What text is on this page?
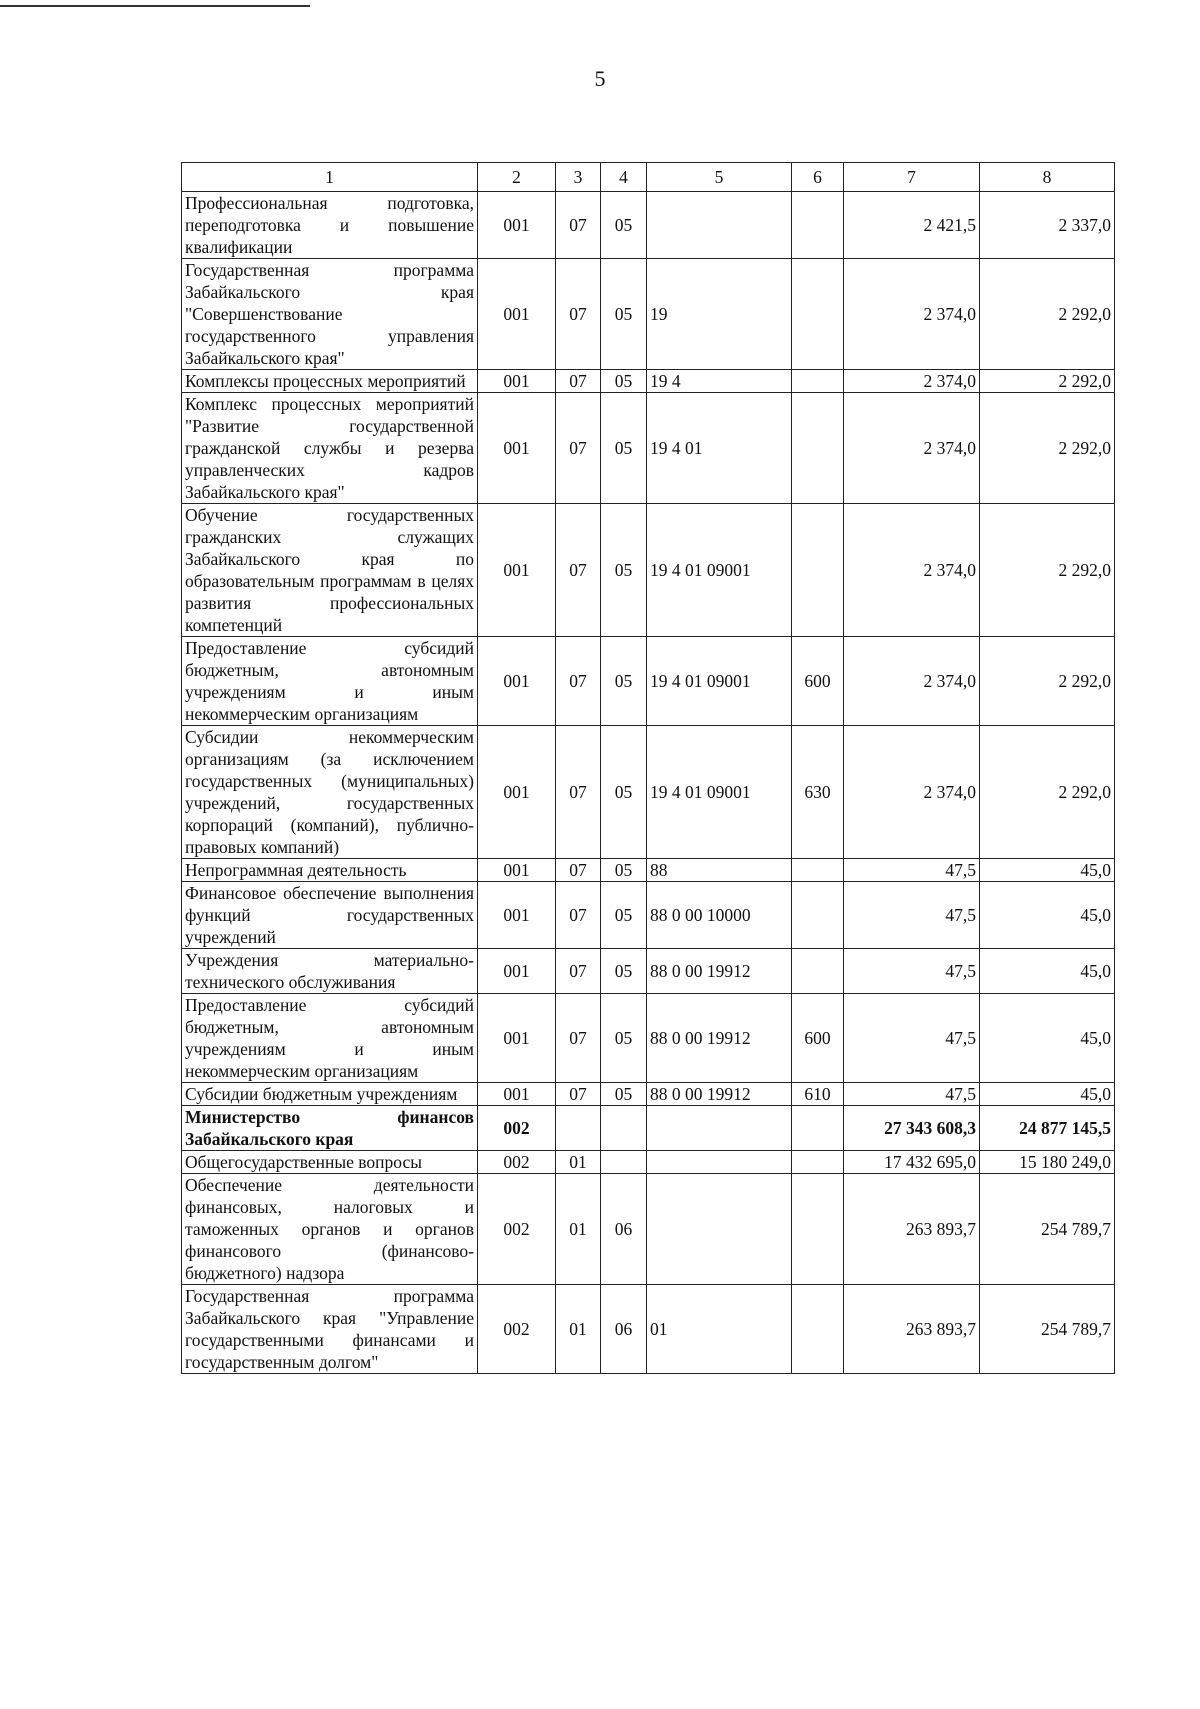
5
1	2	3	4	5	6	7	8
Профессиональная подготовка, переподготовка и повышение квалификации	001	07	05			2 421,5	2 337,0
Государственная программа Забайкальского края "Совершенствование государственного управления Забайкальского края"	001	07	05	19		2 374,0	2 292,0
Комплексы процессных мероприятий	001	07	05	19 4		2 374,0	2 292,0
Комплекс процессных мероприятий "Развитие государственной гражданской службы и резерва управленческих кадров Забайкальского края"	001	07	05	19 4 01		2 374,0	2 292,0
Обучение государственных гражданских служащих Забайкальского края по образовательным программам в целях развития профессиональных компетенций	001	07	05	19 4 01 09001		2 374,0	2 292,0
Предоставление субсидий бюджетным, автономным учреждениям и иным некоммерческим организациям	001	07	05	19 4 01 09001	600	2 374,0	2 292,0
Субсидии некоммерческим организациям (за исключением государственных (муниципальных) учреждений, государственных корпораций (компаний), публично-правовых компаний)	001	07	05	19 4 01 09001	630	2 374,0	2 292,0
Непрограммная деятельность	001	07	05	88		47,5	45,0
Финансовое обеспечение выполнения функций государственных учреждений	001	07	05	88 0 00 10000		47,5	45,0
Учреждения материально-технического обслуживания	001	07	05	88 0 00 19912		47,5	45,0
Предоставление субсидий бюджетным, автономным учреждениям и иным некоммерческим организациям	001	07	05	88 0 00 19912	600	47,5	45,0
Субсидии бюджетным учреждениям	001	07	05	88 0 00 19912	610	47,5	45,0
Министерство финансов Забайкальского края	002					27 343 608,3	24 877 145,5
Общегосударственные вопросы	002	01				17 432 695,0	15 180 249,0
Обеспечение деятельности финансовых, налоговых и таможенных органов и органов финансового (финансово-бюджетного) надзора	002	01	06			263 893,7	254 789,7
Государственная программа Забайкальского края "Управление государственными финансами и государственным долгом"	002	01	06	01		263 893,7	254 789,7
